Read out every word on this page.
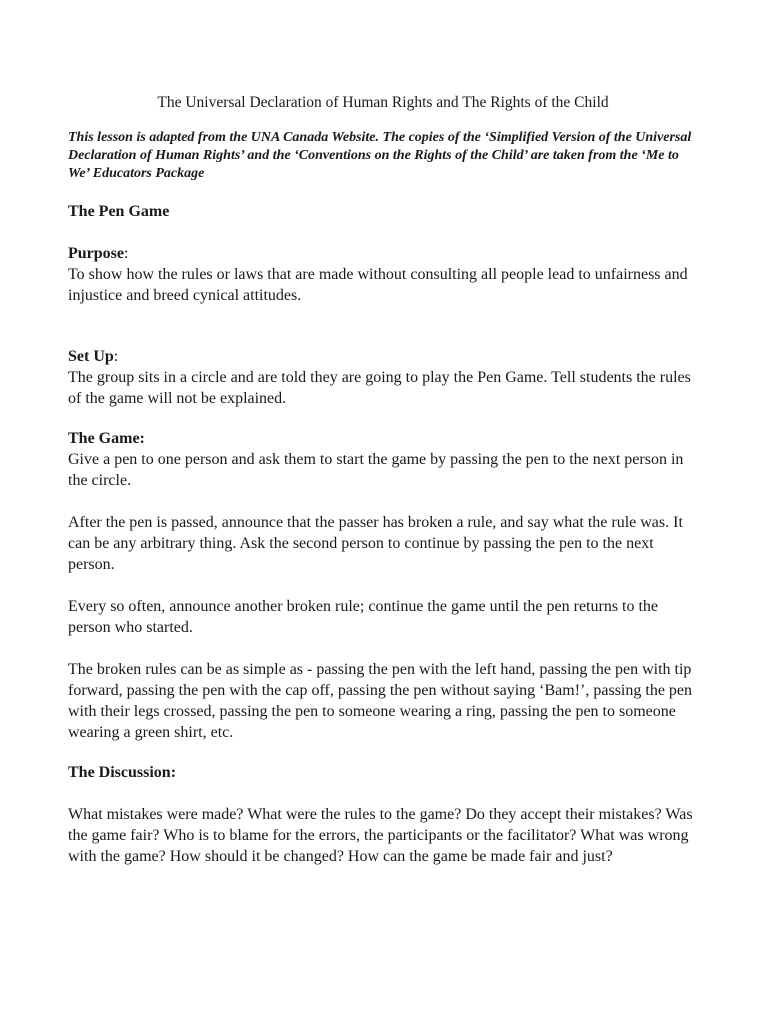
The Universal Declaration of Human Rights and The Rights of the Child
This lesson is adapted from the UNA Canada Website. The copies of the ‘Simplified Version of the Universal Declaration of Human Rights’ and the ‘Conventions on the Rights of the Child’ are taken from the ‘Me to We’ Educators Package
The Pen Game
Purpose:
To show how the rules or laws that are made without consulting all people lead to unfairness and injustice and breed cynical attitudes.
Set Up:
The group sits in a circle and are told they are going to play the Pen Game. Tell students the rules of the game will not be explained.
The Game:
Give a pen to one person and ask them to start the game by passing the pen to the next person in the circle.
After the pen is passed, announce that the passer has broken a rule, and say what the rule was. It can be any arbitrary thing. Ask the second person to continue by passing the pen to the next person.
Every so often, announce another broken rule; continue the game until the pen returns to the person who started.
The broken rules can be as simple as - passing the pen with the left hand, passing the pen with tip forward, passing the pen with the cap off, passing the pen without saying ‘Bam!’, passing the pen with their legs crossed, passing the pen to someone wearing a ring, passing the pen to someone wearing a green shirt, etc.
The Discussion:
What mistakes were made? What were the rules to the game? Do they accept their mistakes? Was the game fair? Who is to blame for the errors, the participants or the facilitator? What was wrong with the game? How should it be changed? How can the game be made fair and just?
